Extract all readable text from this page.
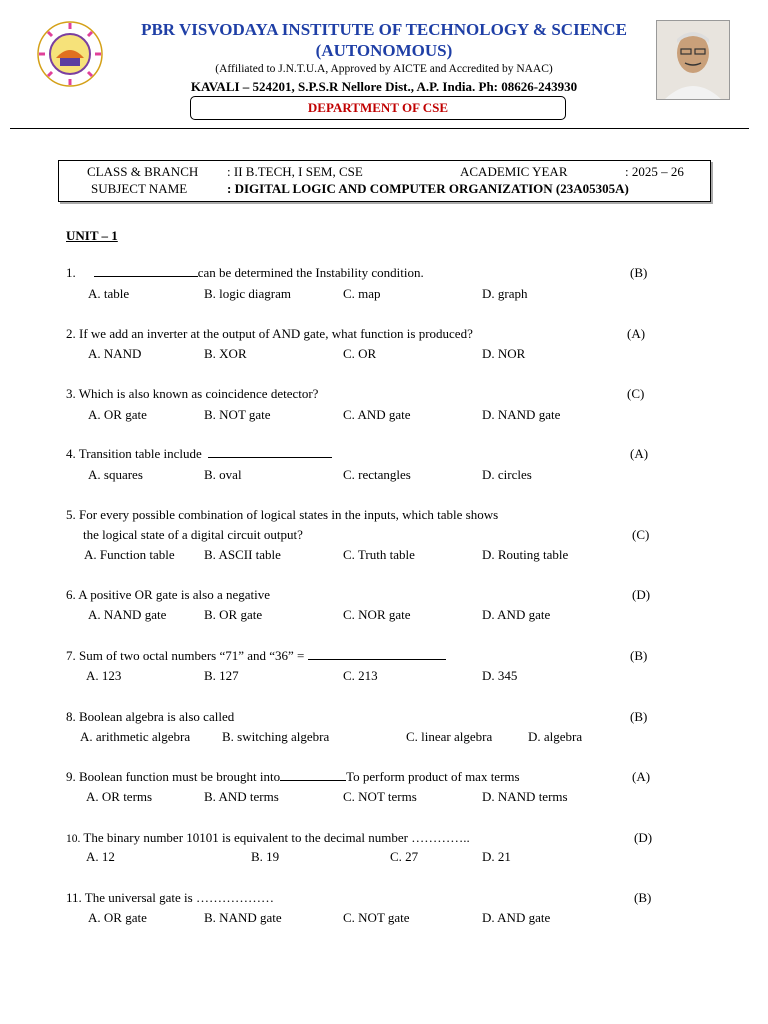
PBR VISVODAYA INSTITUTE OF TECHNOLOGY & SCIENCE
(AUTONOMOUS)
(Affiliated to J.N.T.U.A, Approved by AICTE and Accredited by NAAC)
KAVALI – 524201, S.P.S.R Nellore Dist., A.P. India. Ph: 08626-243930
DEPARTMENT OF CSE
CLASS & BRANCH : II B.TECH, I SEM, CSE	ACADEMIC YEAR	: 2025 – 26
SUBJECT NAME	: DIGITAL LOGIC AND COMPUTER ORGANIZATION (23A05305A)
UNIT – 1
1.	can be determined the Instability condition.	(B)
A. table	B. logic diagram	C. map	D. graph
2. If we add an inverter at the output of AND gate, what function is produced?	(A)
A. NAND	B. XOR	C. OR	D. NOR
3. Which is also known as coincidence detector?	(C)
A. OR gate	B. NOT gate	C. AND gate	D. NAND gate
4. Transition table include	(A)
A. squares	B. oval	C. rectangles	D. circles
5. For every possible combination of logical states in the inputs, which table shows
the logical state of a digital circuit output?	(C)
A. Function table B. ASCII table	C. Truth table	D. Routing table
6. A positive OR gate is also a negative	(D)
A. NAND gate	B. OR gate	C. NOR gate	D. AND gate
7. Sum of two octal numbers “71” and “36” =	(B)
A. 123	B. 127	C. 213	D. 345
8. Boolean algebra is also called	(B)
A. arithmetic algebra B. switching algebra	C. linear algebra	D. algebra
9. Boolean function must be brought into	To perform product of max terms	(A)
A. OR terms	B. AND terms	C. NOT terms	D. NAND terms
10. The binary number 10101 is equivalent to the decimal number …………..	(D)
A. 12	B. 19	C. 27	D. 21
11. The universal gate is ………………	(B)
A. OR gate	B. NAND gate	C. NOT gate	D. AND gate
